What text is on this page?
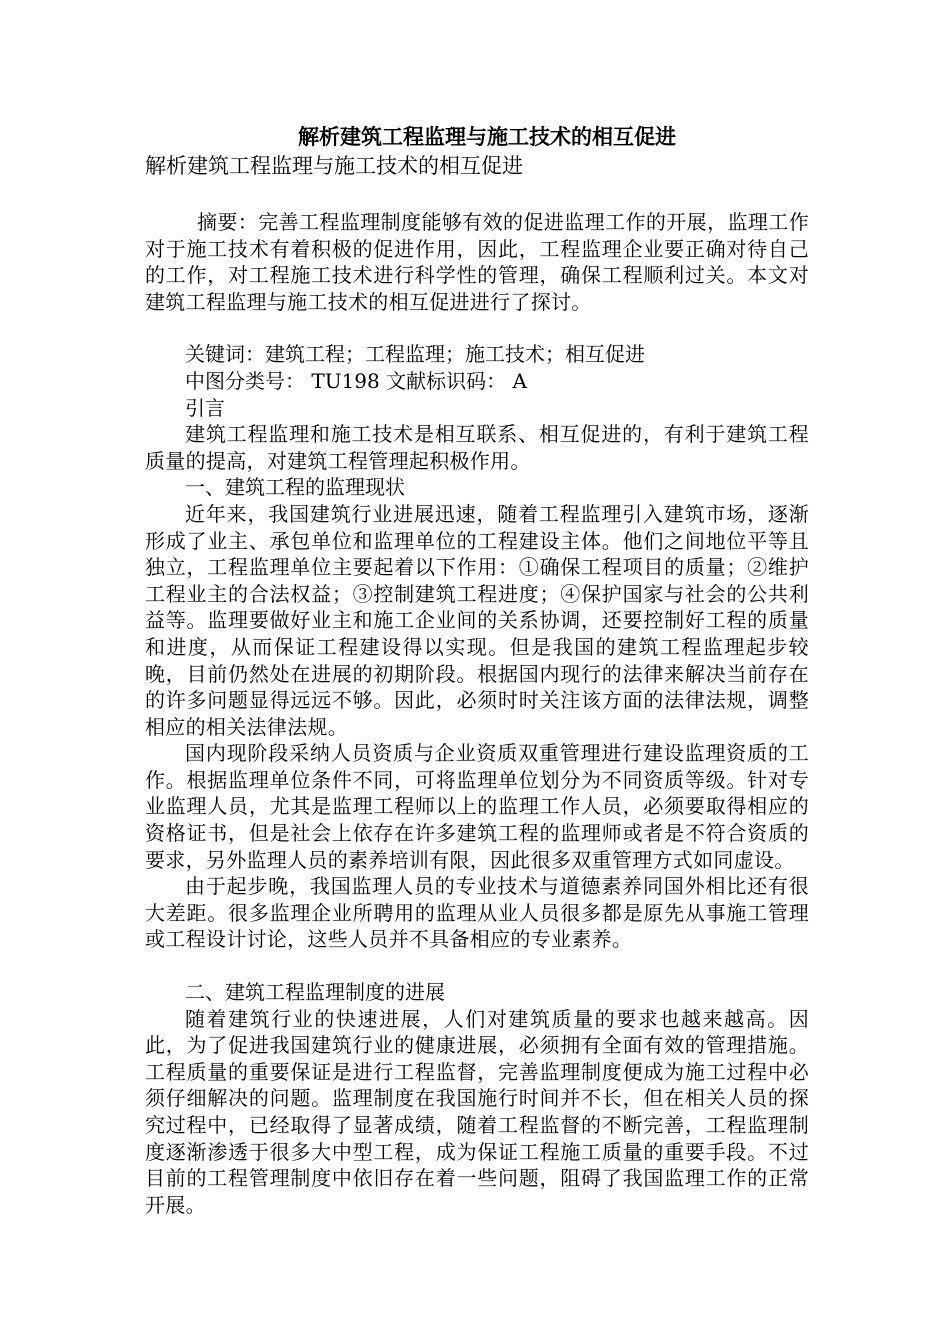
解析建筑工程监理与施工技术的相互促进

解析建筑工程监理与施工技术的相互促进

摘要：完善工程监理制度能够有效的促进监理工作的开展，监理工作对于施工技术有着积极的促进作用，因此，工程监理企业要正确对待自己的工作，对工程施工技术进行科学性的管理，确保工程顺利过关。本文对建筑工程监理与施工技术的相互促进进行了探讨。

关键词：建筑工程；工程监理；施工技术；相互促进

中图分类号： TU198 文献标识码： A

引言

建筑工程监理和施工技术是相互联系、相互促进的，有利于建筑工程质量的提高，对建筑工程管理起积极作用。

一、建筑工程的监理现状

近年来，我国建筑行业进展迅速，随着工程监理引入建筑市场，逐渐形成了业主、承包单位和监理单位的工程建设主体。他们之间地位平等且独立，工程监理单位主要起着以下作用：①确保工程项目的质量；②维护工程业主的合法权益；③控制建筑工程进度；④保护国家与社会的公共利益等。监理要做好业主和施工企业间的关系协调，还要控制好工程的质量和进度，从而保证工程建设得以实现。但是我国的建筑工程监理起步较晚，目前仍然处在进展的初期阶段。根据国内现行的法律来解决当前存在的许多问题显得远远不够。因此，必须时时关注该方面的法律法规，调整相应的相关法律法规。

国内现阶段采纳人员资质与企业资质双重管理进行建设监理资质的工作。根据监理单位条件不同，可将监理单位划分为不同资质等级。针对专业监理人员，尤其是监理工程师以上的监理工作人员，必须要取得相应的资格证书，但是社会上依存在许多建筑工程的监理师或者是不符合资质的要求，另外监理人员的素养培训有限，因此很多双重管理方式如同虚设。

由于起步晚，我国监理人员的专业技术与道德素养同国外相比还有很大差距。很多监理企业所聘用的监理从业人员很多都是原先从事施工管理或工程设计讨论，这些人员并不具备相应的专业素养。

二、建筑工程监理制度的进展

随着建筑行业的快速进展，人们对建筑质量的要求也越来越高。因此，为了促进我国建筑行业的健康进展，必须拥有全面有效的管理措施。工程质量的重要保证是进行工程监督，完善监理制度便成为施工过程中必须仔细解决的问题。监理制度在我国施行时间并不长，但在相关人员的探究过程中，已经取得了显著成绩，随着工程监督的不断完善，工程监理制度逐渐渗透于很多大中型工程，成为保证工程施工质量的重要手段。不过目前的工程管理制度中依旧存在着一些问题，阻碍了我国监理工作的正常开展。
